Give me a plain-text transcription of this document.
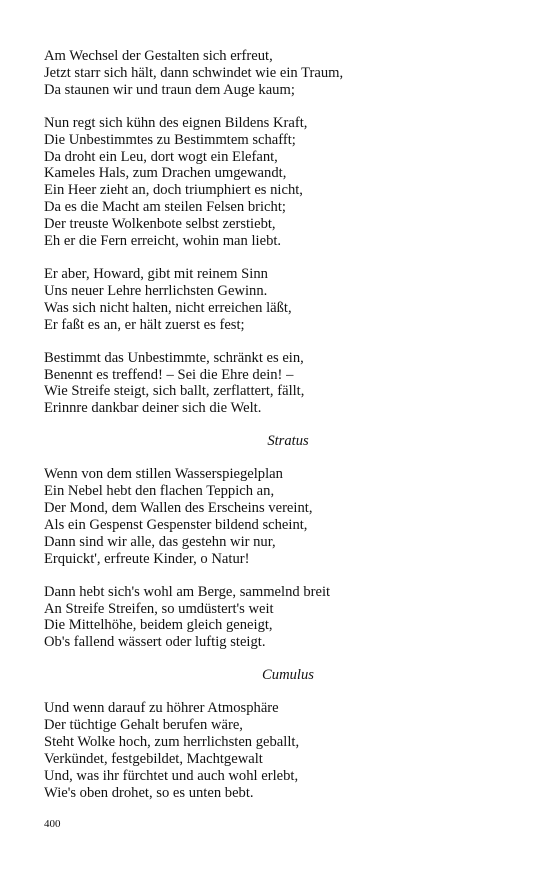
Am Wechsel der Gestalten sich erfreut,
Jetzt starr sich hält, dann schwindet wie ein Traum,
Da staunen wir und traun dem Auge kaum;
Nun regt sich kühn des eignen Bildens Kraft,
Die Unbestimmtes zu Bestimmtem schafft;
Da droht ein Leu, dort wogt ein Elefant,
Kameles Hals, zum Drachen umgewandt,
Ein Heer zieht an, doch triumphiert es nicht,
Da es die Macht am steilen Felsen bricht;
Der treuste Wolkenbote selbst zerstiebt,
Eh er die Fern erreicht, wohin man liebt.
Er aber, Howard, gibt mit reinem Sinn
Uns neuer Lehre herrlichsten Gewinn.
Was sich nicht halten, nicht erreichen läßt,
Er faßt es an, er hält zuerst es fest;
Bestimmt das Unbestimmte, schränkt es ein,
Benennt es treffend! – Sei die Ehre dein! –
Wie Streife steigt, sich ballt, zerflattert, fällt,
Erinnre dankbar deiner sich die Welt.
Stratus
Wenn von dem stillen Wasserspiegelplan
Ein Nebel hebt den flachen Teppich an,
Der Mond, dem Wallen des Erscheins vereint,
Als ein Gespenst Gespenster bildend scheint,
Dann sind wir alle, das gestehn wir nur,
Erquickt', erfreute Kinder, o Natur!
Dann hebt sich's wohl am Berge, sammelnd breit
An Streife Streifen, so umdüstert's weit
Die Mittelhöhe, beidem gleich geneigt,
Ob's fallend wässert oder luftig steigt.
Cumulus
Und wenn darauf zu höhrer Atmosphäre
Der tüchtige Gehalt berufen wäre,
Steht Wolke hoch, zum herrlichsten geballt,
Verkündet, festgebildet, Machtgewalt
Und, was ihr fürchtet und auch wohl erlebt,
Wie's oben drohet, so es unten bebt.
400
